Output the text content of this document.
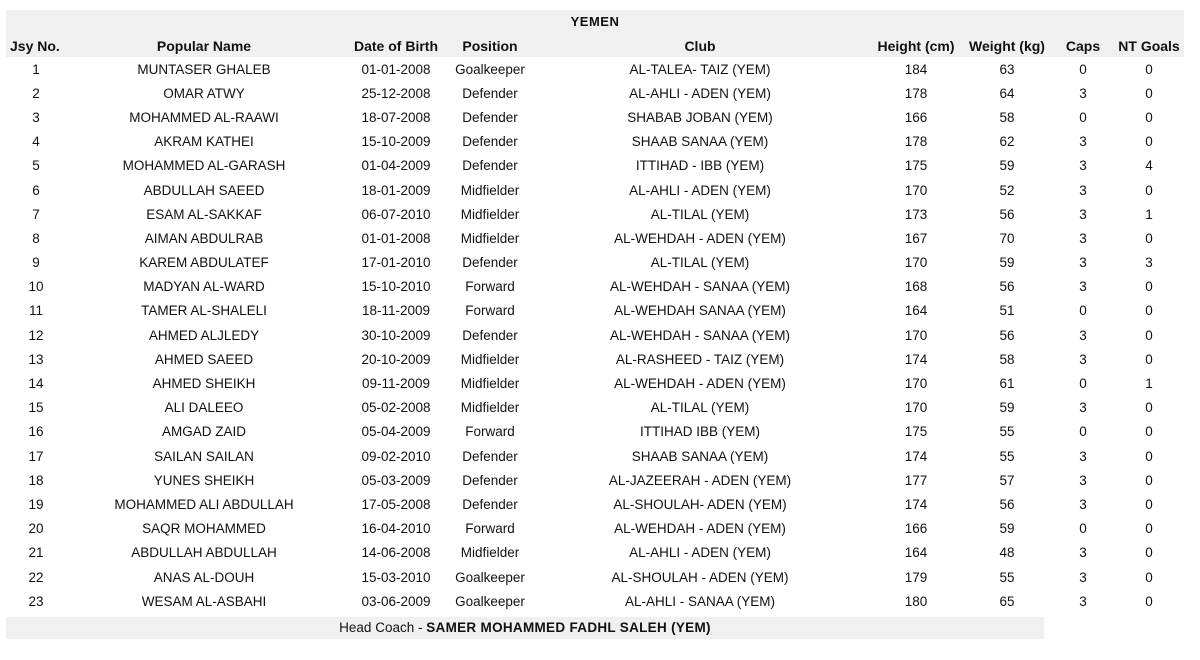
YEMEN
Jsy No.	Popular Name	Date of Birth	Position	Club	Height (cm)	Weight (kg)	Caps	NT Goals
1	MUNTASER GHALEB	01-01-2008	Goalkeeper	AL-TALEA- TAIZ (YEM)	184	63	0	0
2	OMAR ATWY	25-12-2008	Defender	AL-AHLI - ADEN (YEM)	178	64	3	0
3	MOHAMMED AL-RAAWI	18-07-2008	Defender	SHABAB JOBAN (YEM)	166	58	0	0
4	AKRAM KATHEI	15-10-2009	Defender	SHAAB SANAA (YEM)	178	62	3	0
5	MOHAMMED AL-GARASH	01-04-2009	Defender	ITTIHAD - IBB (YEM)	175	59	3	4
6	ABDULLAH SAEED	18-01-2009	Midfielder	AL-AHLI - ADEN (YEM)	170	52	3	0
7	ESAM AL-SAKKAF	06-07-2010	Midfielder	AL-TILAL (YEM)	173	56	3	1
8	AIMAN ABDULRAB	01-01-2008	Midfielder	AL-WEHDAH - ADEN (YEM)	167	70	3	0
9	KAREM ABDULATEF	17-01-2010	Defender	AL-TILAL (YEM)	170	59	3	3
10	MADYAN AL-WARD	15-10-2010	Forward	AL-WEHDAH - SANAA (YEM)	168	56	3	0
11	TAMER AL-SHALELI	18-11-2009	Forward	AL-WEHDAH SANAA (YEM)	164	51	0	0
12	AHMED ALJLEDY	30-10-2009	Defender	AL-WEHDAH - SANAA (YEM)	170	56	3	0
13	AHMED SAEED	20-10-2009	Midfielder	AL-RASHEED - TAIZ (YEM)	174	58	3	0
14	AHMED SHEIKH	09-11-2009	Midfielder	AL-WEHDAH - ADEN (YEM)	170	61	0	1
15	ALI DALEEO	05-02-2008	Midfielder	AL-TILAL (YEM)	170	59	3	0
16	AMGAD ZAID	05-04-2009	Forward	ITTIHAD IBB (YEM)	175	55	0	0
17	SAILAN SAILAN	09-02-2010	Defender	SHAAB SANAA (YEM)	174	55	3	0
18	YUNES SHEIKH	05-03-2009	Defender	AL-JAZEERAH - ADEN (YEM)	177	57	3	0
19	MOHAMMED ALI ABDULLAH	17-05-2008	Defender	AL-SHOULAH- ADEN (YEM)	174	56	3	0
20	SAQR MOHAMMED	16-04-2010	Forward	AL-WEHDAH - ADEN (YEM)	166	59	0	0
21	ABDULLAH ABDULLAH	14-06-2008	Midfielder	AL-AHLI - ADEN (YEM)	164	48	3	0
22	ANAS AL-DOUH	15-03-2010	Goalkeeper	AL-SHOULAH - ADEN (YEM)	179	55	3	0
23	WESAM AL-ASBAHI	03-06-2009	Goalkeeper	AL-AHLI - SANAA (YEM)	180	65	3	0
Head Coach - SAMER MOHAMMED FADHL SALEH (YEM)
